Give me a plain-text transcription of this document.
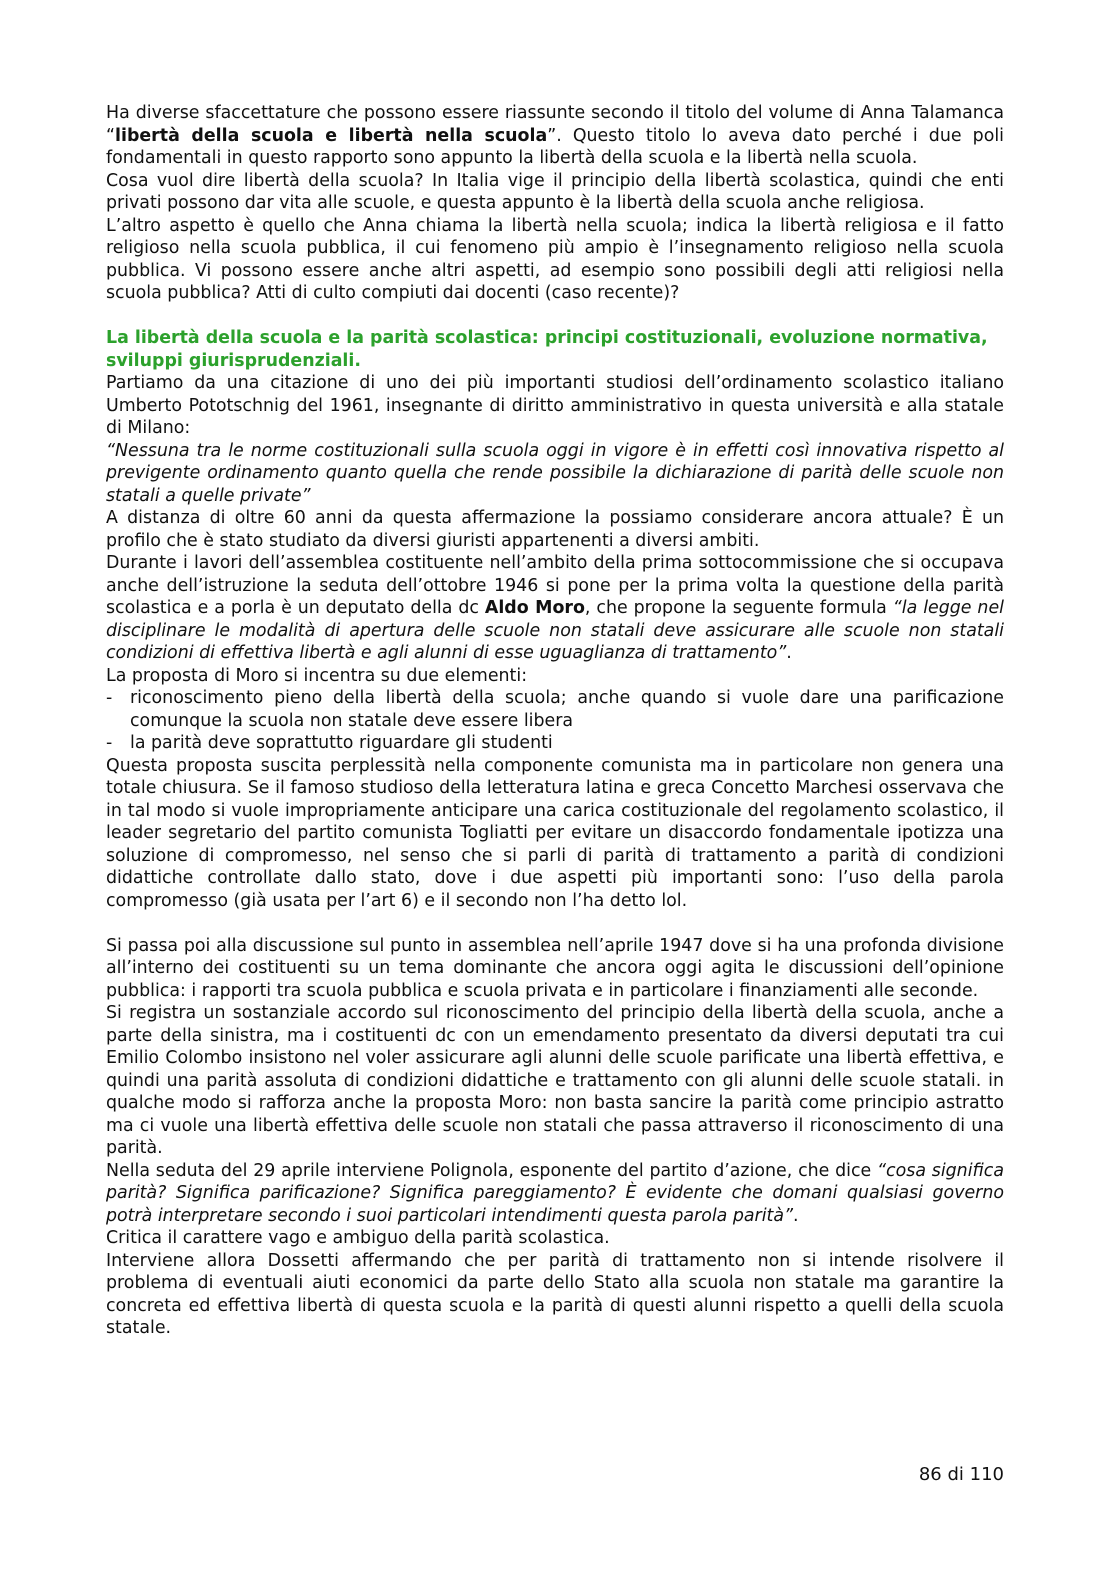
Ha diverse sfaccettature che possono essere riassunte secondo il titolo del volume di Anna Talamanca “libertà della scuola e libertà nella scuola”. Questo titolo lo aveva dato perché i due poli fondamentali in questo rapporto sono appunto la libertà della scuola e la libertà nella scuola.

Cosa vuol dire libertà della scuola? In Italia vige il principio della libertà scolastica, quindi che enti privati possono dar vita alle scuole, e questa appunto è la libertà della scuola anche religiosa.

L’altro aspetto è quello che Anna chiama la libertà nella scuola; indica la libertà religiosa e il fatto religioso nella scuola pubblica, il cui fenomeno più ampio è l’insegnamento religioso nella scuola pubblica. Vi possono essere anche altri aspetti, ad esempio sono possibili degli atti religiosi nella scuola pubblica? Atti di culto compiuti dai docenti (caso recente)?

La libertà della scuola e la parità scolastica: principi costituzionali, evoluzione normativa, sviluppi giurisprudenziali.

Partiamo da una citazione di uno dei più importanti studiosi dell’ordinamento scolastico italiano Umberto Pototschnig del 1961, insegnante di diritto amministrativo in questa università e alla statale di Milano:

“Nessuna tra le norme costituzionali sulla scuola oggi in vigore è in effetti così innovativa rispetto al previgente ordinamento quanto quella che rende possibile la dichiarazione di parità delle scuole non statali a quelle private”

A distanza di oltre 60 anni da questa affermazione la possiamo considerare ancora attuale? È un profilo che è stato studiato da diversi giuristi appartenenti a diversi ambiti.

Durante i lavori dell’assemblea costituente nell’ambito della prima sottocommissione che si occupava anche dell’istruzione la seduta dell’ottobre 1946 si pone per la prima volta la questione della parità scolastica e a porla è un deputato della dc Aldo Moro, che propone la seguente formula “la legge nel disciplinare le modalità di apertura delle scuole non statali deve assicurare alle scuole non statali condizioni di effettiva libertà e agli alunni di esse uguaglianza di trattamento”.

La proposta di Moro si incentra su due elementi:

- riconoscimento pieno della libertà della scuola; anche quando si vuole dare una parificazione comunque la scuola non statale deve essere libera
- la parità deve soprattutto riguardare gli studenti

Questa proposta suscita perplessità nella componente comunista ma in particolare non genera una totale chiusura. Se il famoso studioso della letteratura latina e greca Concetto Marchesi osservava che in tal modo si vuole impropriamente anticipare una carica costituzionale del regolamento scolastico, il leader segretario del partito comunista Togliatti per evitare un disaccordo fondamentale ipotizza una soluzione di compromesso, nel senso che si parli di parità di trattamento a parità di condizioni didattiche controllate dallo stato, dove i due aspetti più importanti sono: l’uso della parola compromesso (già usata per l’art 6) e il secondo non l’ha detto lol.

Si passa poi alla discussione sul punto in assemblea nell’aprile 1947 dove si ha una profonda divisione all’interno dei costituenti su un tema dominante che ancora oggi agita le discussioni dell’opinione pubblica: i rapporti tra scuola pubblica e scuola privata e in particolare i finanziamenti alle seconde.

Si registra un sostanziale accordo sul riconoscimento del principio della libertà della scuola, anche a parte della sinistra, ma i costituenti dc con un emendamento presentato da diversi deputati tra cui Emilio Colombo insistono nel voler assicurare agli alunni delle scuole parificate una libertà effettiva, e quindi una parità assoluta di condizioni didattiche e trattamento con gli alunni delle scuole statali. in qualche modo si rafforza anche la proposta Moro: non basta sancire la parità come principio astratto ma ci vuole una libertà effettiva delle scuole non statali che passa attraverso il riconoscimento di una parità.

Nella seduta del 29 aprile interviene Polignola, esponente del partito d’azione, che dice “cosa significa parità? Significa parificazione? Significa pareggiamento? È evidente che domani qualsiasi governo potrà interpretare secondo i suoi particolari intendimenti questa parola parità”.

Critica il carattere vago e ambiguo della parità scolastica.

Interviene allora Dossetti affermando che per parità di trattamento non si intende risolvere il problema di eventuali aiuti economici da parte dello Stato alla scuola non statale ma garantire la concreta ed effettiva libertà di questa scuola e la parità di questi alunni rispetto a quelli della scuola statale.

86 di 110
